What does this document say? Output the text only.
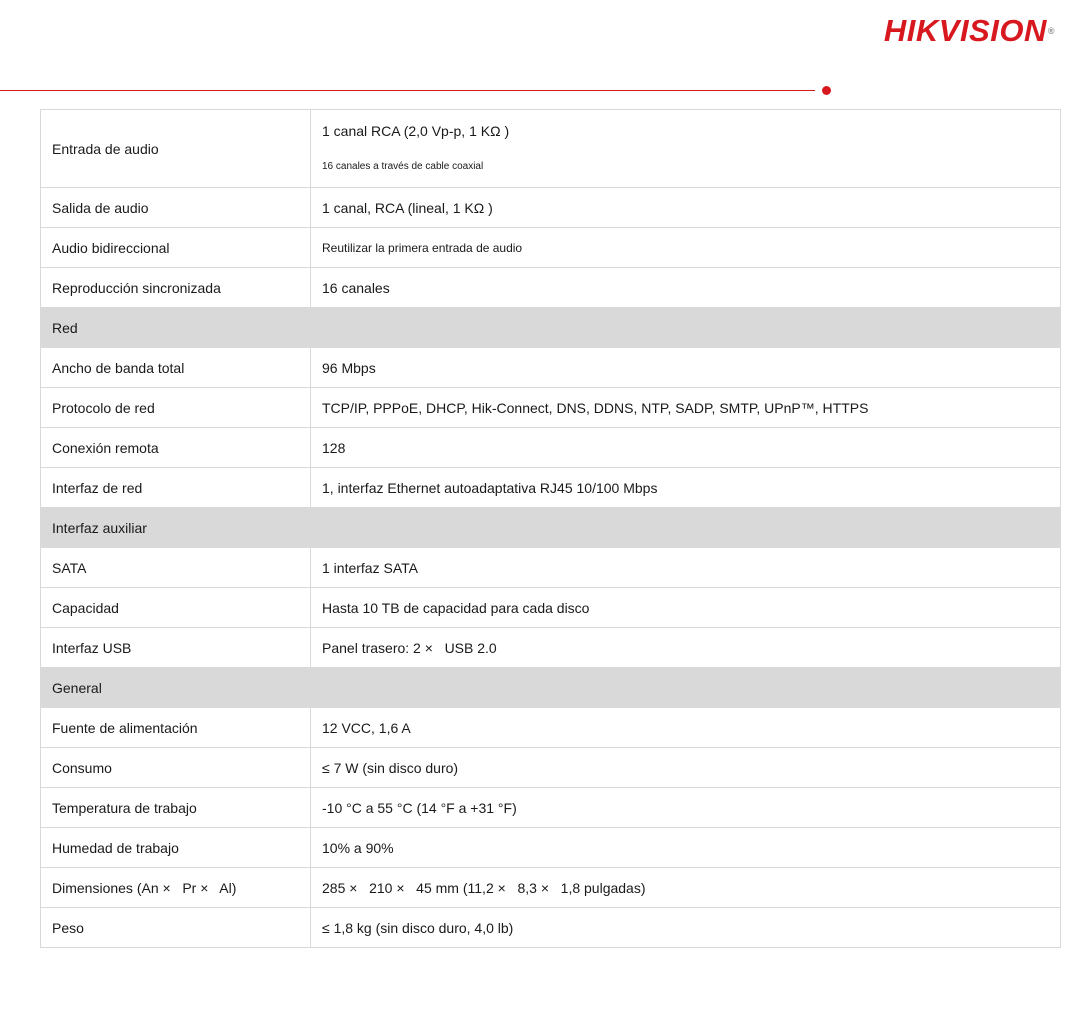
HIKVISION®
Entrada de audio	1 canal RCA (2,0 Vp-p, 1 KΩ )
16 canales a través de cable coaxial

Salida de audio	1 canal, RCA (lineal, 1 KΩ )
Audio bidireccional	Reutilizar la primera entrada de audio
Reproducción sincronizada	16 canales
Red	
Ancho de banda total	96 Mbps
Protocolo de red	TCP/IP, PPPoE, DHCP, Hik-Connect, DNS, DDNS, NTP, SADP, SMTP, UPnP™, HTTPS
Conexión remota	128
Interfaz de red	1, interfaz Ethernet autoadaptativa RJ45 10/100 Mbps
Interfaz auxiliar	
SATA	1 interfaz SATA
Capacidad	Hasta 10 TB de capacidad para cada disco
Interfaz USB	Panel trasero: 2 ×   USB 2.0
General	
Fuente de alimentación	12 VCC, 1,6 A
Consumo	≤ 7 W (sin disco duro)
Temperatura de trabajo	-10 °C a 55 °C (14 °F a +31 °F)
Humedad de trabajo	10% a 90%
Dimensiones (An ×   Pr ×   Al)	285 ×   210 ×   45 mm (11,2 ×   8,3 ×   1,8 pulgadas)
Peso	≤ 1,8 kg (sin disco duro, 4,0 lb)
